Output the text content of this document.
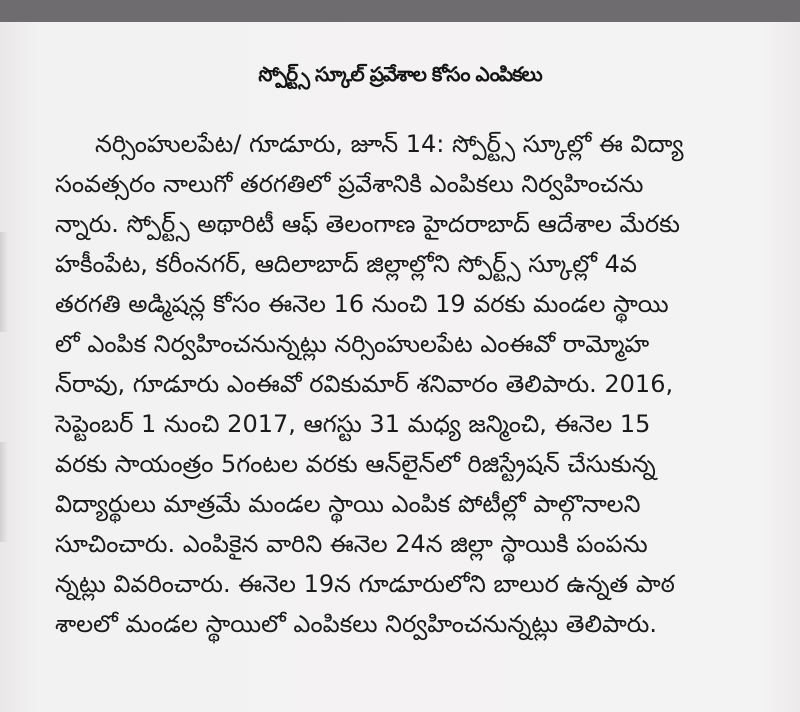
స్పోర్ట్స్ స్కూల్ ప్రవేశాల కోసం ఎంపికలు
నర్సింహులపేట/ గూడూరు, జూన్ 14: స్పోర్ట్స్ స్కూల్లో ఈ విద్యా
సంవత్సరం నాలుగో తరగతిలో ప్రవేశానికి ఎంపికలు నిర్వహించను
న్నారు. స్పోర్ట్స్ అథారిటీ ఆఫ్ తెలంగాణ హైదరాబాద్ ఆదేశాల మేరకు
హకీంపేట, కరీంనగర్, ఆదిలాబాద్ జిల్లాల్లోని స్పోర్ట్స్ స్కూల్లో 4వ
తరగతి అడ్మిషన్ల కోసం ఈనెల 16 నుంచి 19 వరకు మండల స్థాయి
లో ఎంపిక నిర్వహించనున్నట్లు నర్సింహులపేట ఎంఈవో రామ్మోహ
న్‌రావు, గూడూరు ఎంఈవో రవికుమార్ శనివారం తెలిపారు. 2016,
సెప్టెంబర్ 1 నుంచి 2017, ఆగస్టు 31 మధ్య జన్మించి, ఈనెల 15
వరకు సాయంత్రం 5గంటల వరకు ఆన్‌లైన్‌లో రిజిస్ట్రేషన్ చేసుకున్న
విద్యార్థులు మాత్రమే మండల స్థాయి ఎంపిక పోటీల్లో పాల్గొనాలని
సూచించారు. ఎంపికైన వారిని ఈనెల 24న జిల్లా స్థాయికి పంపను
న్నట్లు వివరించారు. ఈనెల 19న గూడూరులోని బాలుర ఉన్నత పాఠ
శాలలో మండల స్థాయిలో ఎంపికలు నిర్వహించనున్నట్లు తెలిపారు.
